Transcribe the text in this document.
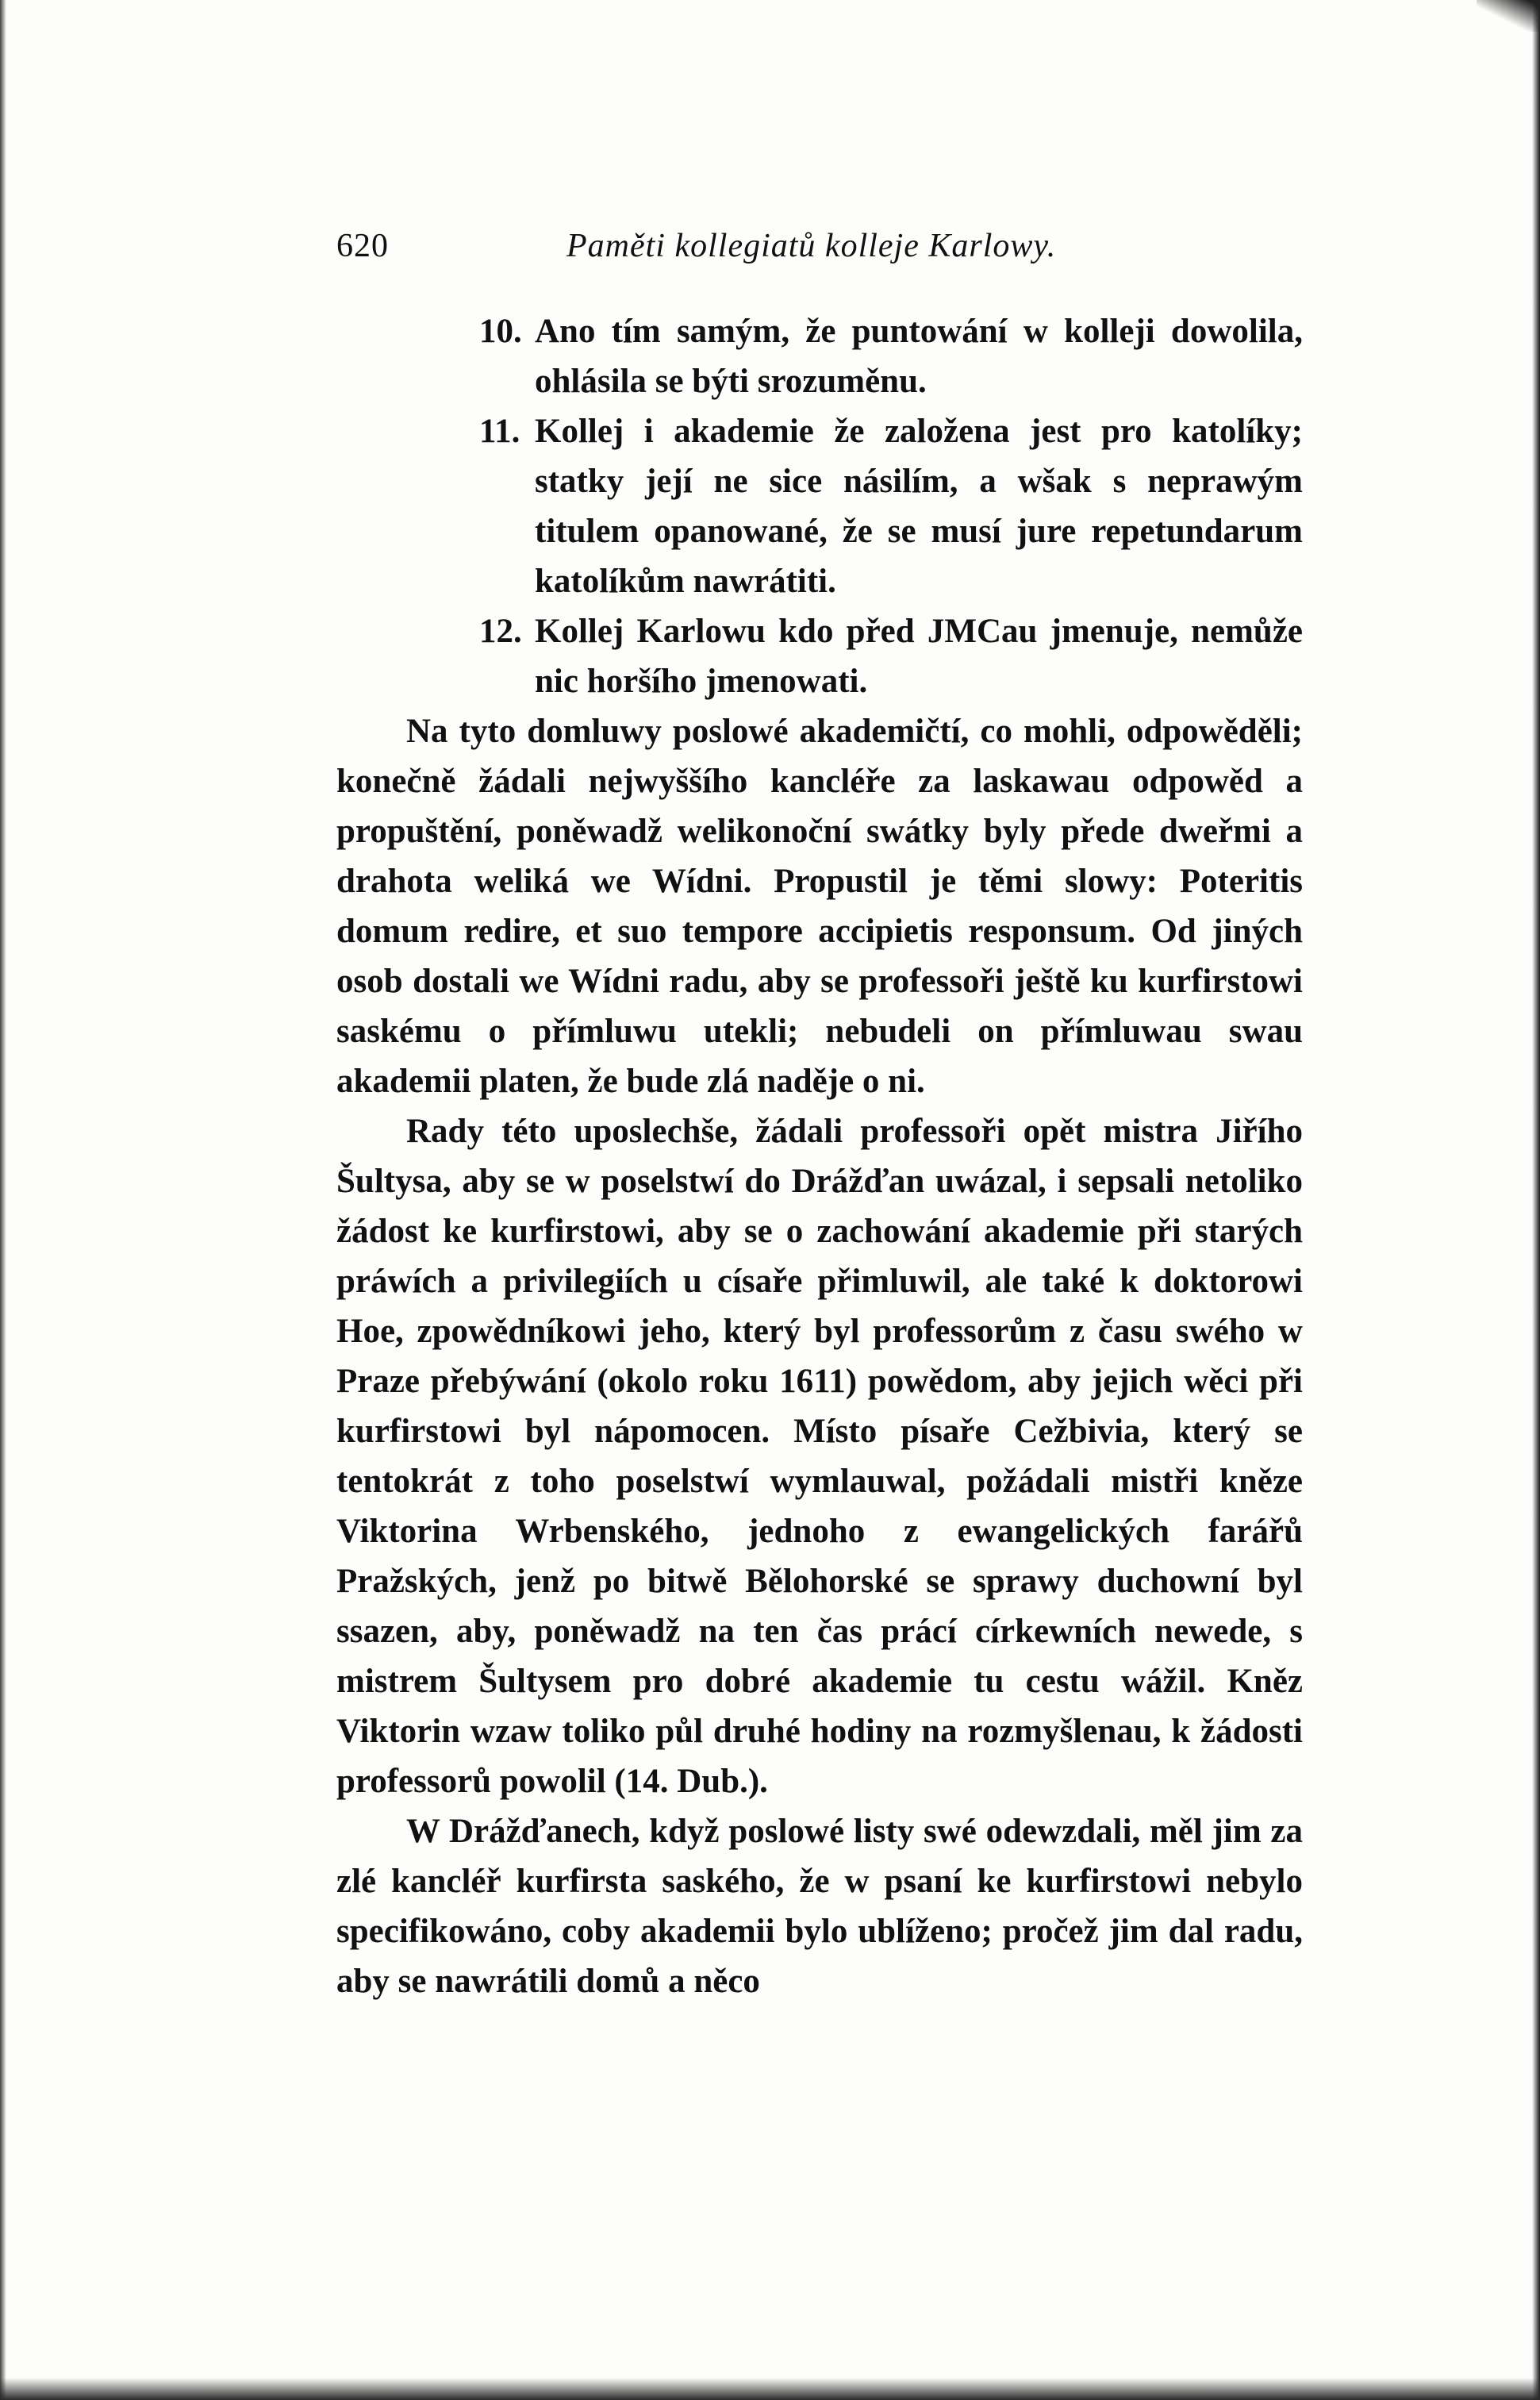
620	Paměti kollegiatů kolleje Karlowy.
10. Ano tím samým, že puntowání w kolleji dowolila, ohlásila se býti srozuměnu.
11. Kollej i akademie že založena jest pro katolíky; statky její ne sice násilím, a wšak s neprawým titulem opanowané, že se musí jure repetundarum katolíkům nawrátiti.
12. Kollej Karlowu kdo před JMCau jmenuje, nemůže nic horšího jmenowati.

Na tyto domluwy poslowé akademičtí, co mohli, odpowěděli; konečně žádali nejwyššího kancléře za laskawau odpowěd a propuštění, poněwadž welikonoční swátky byly přede dweřmi a drahota weliká we Wídni. Propustil je těmi slowy: Poteritis domum redire, et suo tempore accipietis responsum. Od jiných osob dostali we Wídni radu, aby se professoři ještě ku kurfirstowi saskému o přímluwu utekli; nebudeli on přímluwau swau akademii platen, že bude zlá naděje o ni.

Rady této uposlechše, žádali professoři opět mistra Jiřího Šultysa, aby se w poselstwí do Drážďan uwázal, i sepsali netoliko žádost ke kurfirstowi, aby se o zachowání akademie při starých práwích a privilegiích u císaře přimluwil, ale také k doktorowi Hoe, zpowědníkowi jeho, který byl professorům z času swého w Praze přebýwání (okolo roku 1611) powědom, aby jejich wěci při kurfirstowi byl nápomocen. Místo písaře Cežbivia, který se tentokrát z toho poselstwí wymlauwal, požádali mistři kněze Viktorina Wrbenského, jednoho z ewangelických farářů Pražských, jenž po bitwě Bělohorské se sprawy duchowní byl ssazen, aby, poněwadž na ten čas prácí církewních newede, s mistrem Šultysem pro dobré akademie tu cestu wážil. Kněz Viktorin wzaw toliko půl druhé hodiny na rozmyšlenau, k žádosti professorů powolil (14. Dub.).

W Drážďanech, když poslowé listy swé odewzdali, měl jim za zlé kancléř kurfirsta saského, že w psaní ke kurfirstowi nebylo specifikowáno, coby akademii bylo ublíženo; pročež jim dal radu, aby se nawrátili domů a něco
